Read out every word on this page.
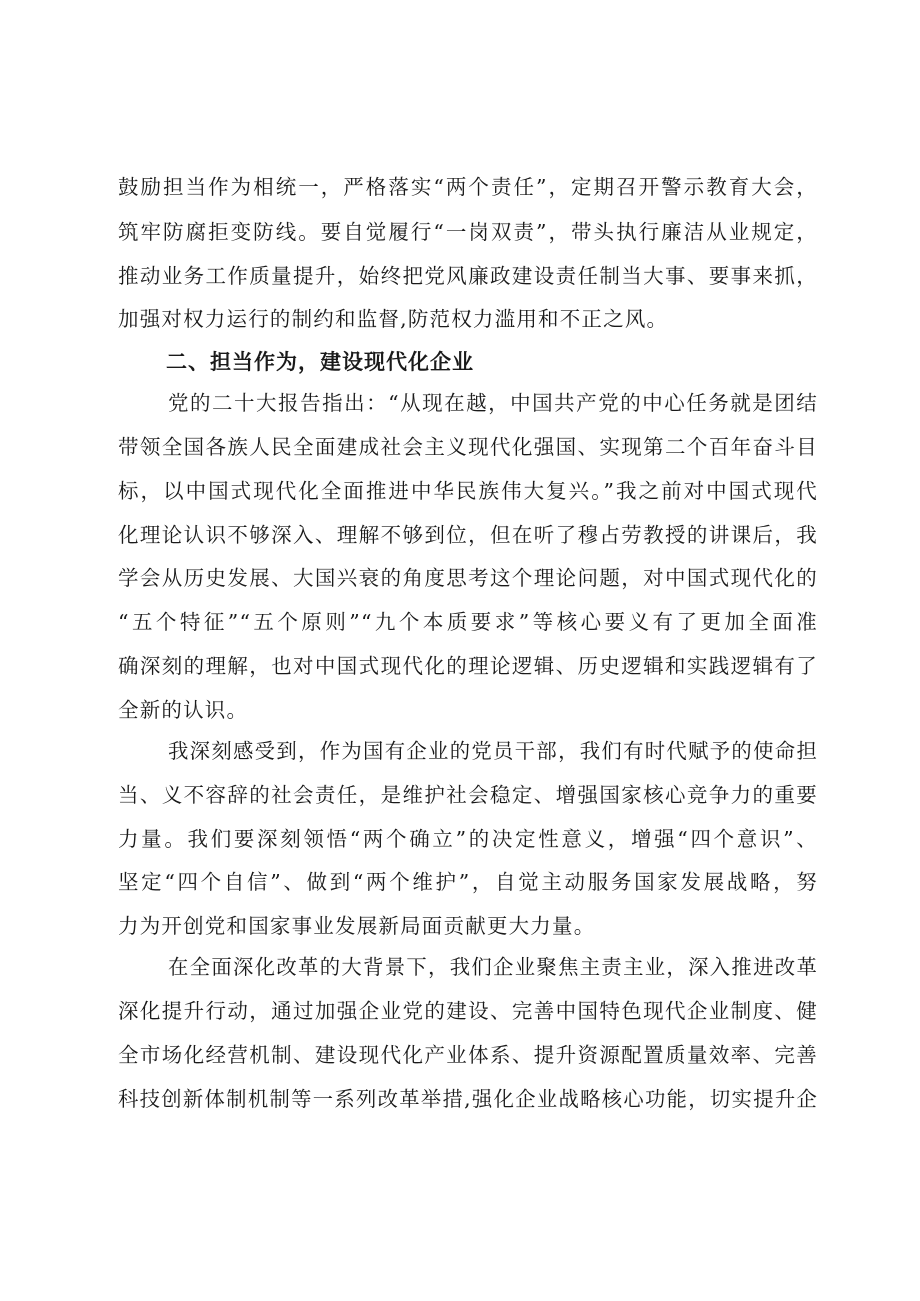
鼓励担当作为相统一，严格落实“两个责任”，定期召开警示教育大会，
筑牢防腐拒变防线。要自觉履行“一岗双责”，带头执行廉洁从业规定，
推动业务工作质量提升，始终把党风廉政建设责任制当大事、要事来抓，
加强对权力运行的制约和监督,防范权力滥用和不正之风。
二、担当作为，建设现代化企业
党的二十大报告指出：“从现在越，中国共产党的中心任务就是团结
带领全国各族人民全面建成社会主义现代化强国、实现第二个百年奋斗目
标，以中国式现代化全面推进中华民族伟大复兴。”我之前对中国式现代
化理论认识不够深入、理解不够到位，但在听了穆占劳教授的讲课后，我
学会从历史发展、大国兴衰的角度思考这个理论问题，对中国式现代化的
“五个特征”“五个原则”“九个本质要求”等核心要义有了更加全面准
确深刻的理解，也对中国式现代化的理论逻辑、历史逻辑和实践逻辑有了
全新的认识。
我深刻感受到，作为国有企业的党员干部，我们有时代赋予的使命担
当、义不容辞的社会责任，是维护社会稳定、增强国家核心竞争力的重要
力量。我们要深刻领悟“两个确立”的决定性意义，增强“四个意识”、
坚定“四个自信”、做到“两个维护”，自觉主动服务国家发展战略，努
力为开创党和国家事业发展新局面贡献更大力量。
在全面深化改革的大背景下，我们企业聚焦主责主业，深入推进改革
深化提升行动，通过加强企业党的建设、完善中国特色现代企业制度、健
全市场化经营机制、建设现代化产业体系、提升资源配置质量效率、完善
科技创新体制机制等一系列改革举措,强化企业战略核心功能，切实提升企
